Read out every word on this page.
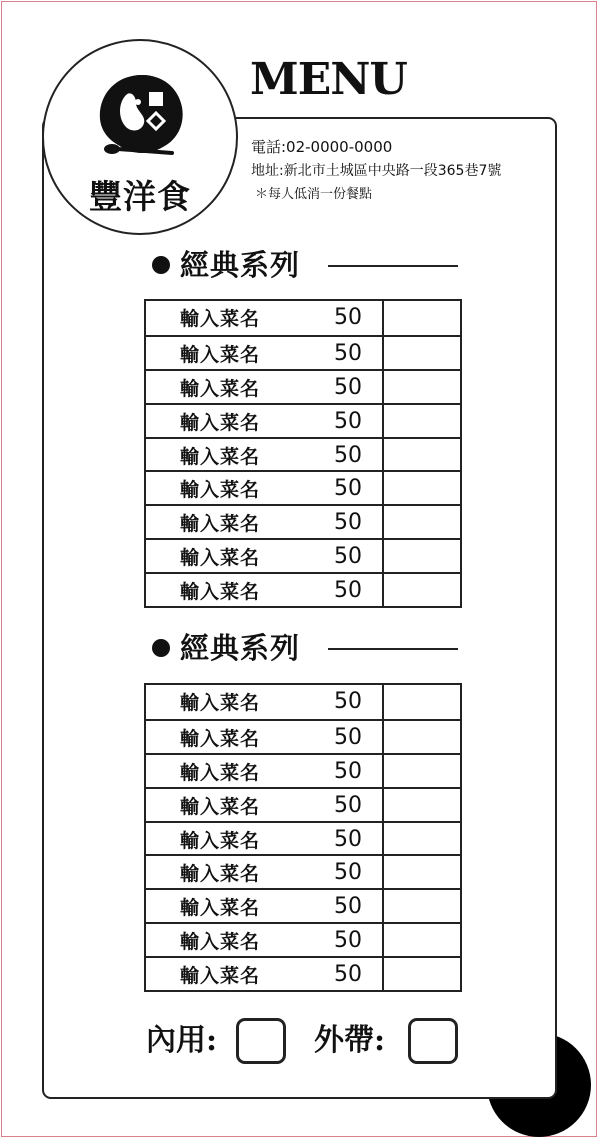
豐洋食
MENU
電話:02-0000-0000
地址:新北市土城區中央路一段365巷7號
＊每人低消一份餐點
經典系列
輸入菜名	50
輸入菜名	50
輸入菜名	50
輸入菜名	50
輸入菜名	50
輸入菜名	50
輸入菜名	50
輸入菜名	50
輸入菜名	50
經典系列
輸入菜名	50
輸入菜名	50
輸入菜名	50
輸入菜名	50
輸入菜名	50
輸入菜名	50
輸入菜名	50
輸入菜名	50
輸入菜名	50
內用:	外帶:
